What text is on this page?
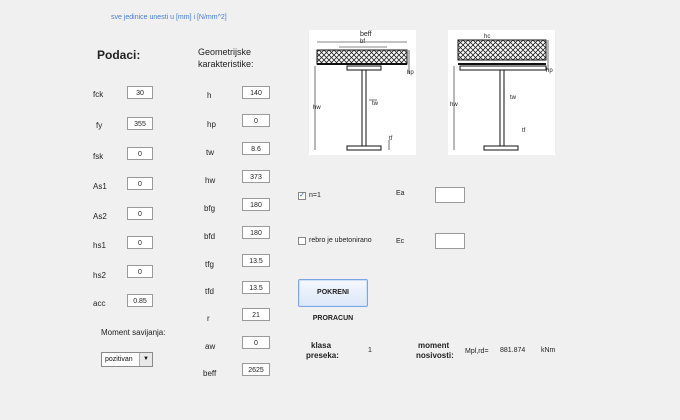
sve jedinice unesti u [mm] i [N/mm^2]
Podaci:
fck	30
fy	355
fsk	0
As1	0
As2	0
hs1	0
hs2	0
acc	0.85
Moment savijanja:
pozitivan	▼
Geometrijske
karakteristike:
h	140
hp	0
tw	8.6
hw	373
bfg	180
bfd	180
tfg	13.5
tfd	13.5
r	21
aw	0
beff	2625
beff
bf
hp
hw
tw
tf
hc
hp
hw
tw
tf
✓ n=1	Ea
rebro je ubetonirano	Ec
POKRENI PRORACUN
klasa
preseka:
1
moment
nosivosti: Mpl,rd= 881.874 kNm
